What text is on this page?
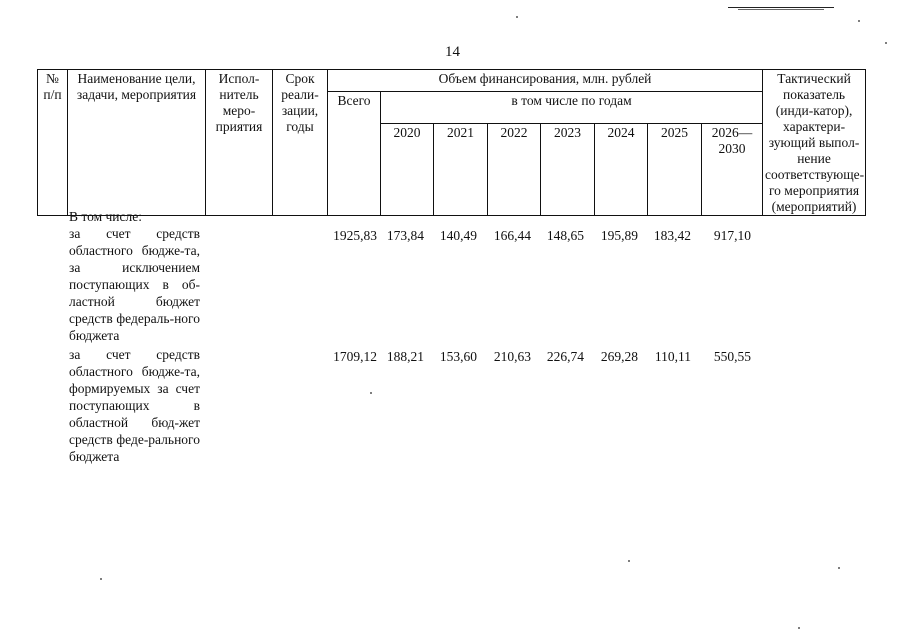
14
№ п/п	Наименование цели, задачи, мероприятия	Испол-нитель меро-приятия	Срок реали-зации, годы	Объем финансирования, млн. рублей								Тактический показатель (инди-катор), характери-зующий выпол-нение соответствующе-го мероприятия (мероприятий)
				Всего	в том числе по годам							
					2020	2021	2022	2023	2024	2025	2026—2030	
В том числе:
за счет средств областного бюдже-та, за исключением поступающих в об-ластной бюджет средств федераль-ного бюджета
1925,83 173,84	140,49	166,44	148,65	195,89	183,42	917,10
за счет средств областного бюдже-та, формируемых за счет поступающих в областной бюд-жет средств феде-рального бюджета
1709,12 188,21	153,60	210,63	226,74	269,28	110,11	550,55
